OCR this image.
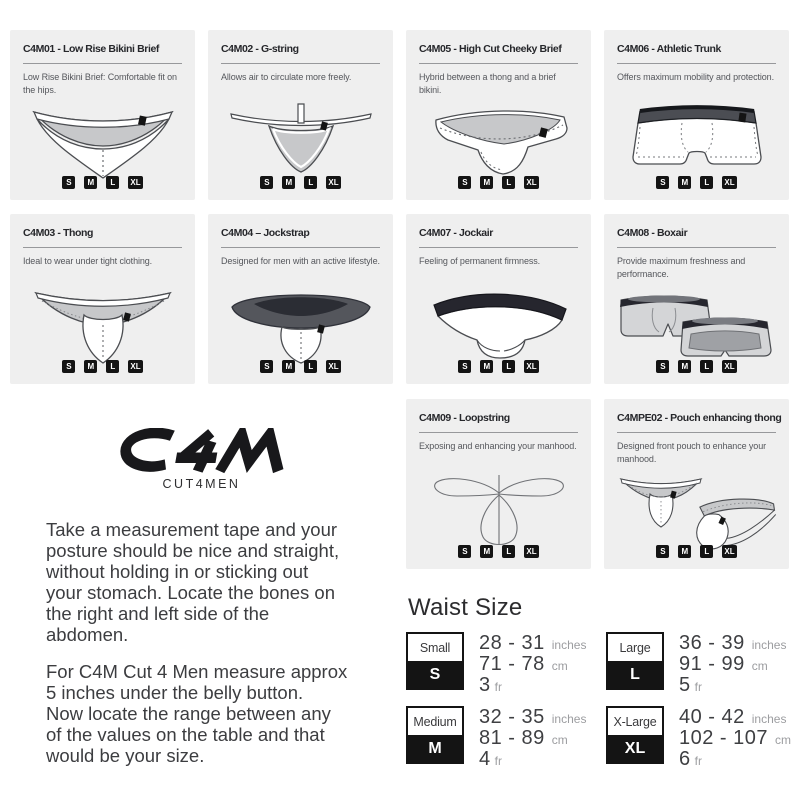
C4M01 - Low Rise Bikini Brief

Low Rise Bikini Brief: Comfortable fit on the hips.

S	M	L	XL
C4M02 - G-string

Allows air to circulate more freely.

S	M	L	XL
C4M05 - High Cut Cheeky Brief

Hybrid between a thong and a brief bikini.

S	M	L	XL
C4M06 - Athletic Trunk

Offers maximum mobility and protection.

S	M	L	XL
C4M03 - Thong

Ideal to wear under tight clothing.

S	M	L	XL
C4M04 – Jockstrap

Designed for men with an active lifestyle.

S	M	L	XL
C4M07 - Jockair

Feeling of permanent firmness.

S	M	L	XL
C4M08 - Boxair

Provide maximum freshness and performance.

S	M	L	XL
C4M09 - Loopstring

Exposing and enhancing your manhood.

S	M	L	XL
C4MPE02 - Pouch enhancing thong

Designed front pouch to enhance your manhood.

S	M	L	XL
CUT4MEN
Take a measurement tape and your
posture should be nice and straight,
without holding in or sticking out
your stomach. Locate the bones on
the right and left side of the
abdomen.
For C4M Cut 4 Men measure approx
5 inches under the belly button.
Now locate the range between any
of the values on the table and that
would be your size.
Waist Size
Small
S
28 - 31 inches
71 - 78 cm
3 fr
Large
L
36 - 39 inches
91 - 99 cm
5 fr
Medium
M
32 - 35 inches
81 - 89 cm
4 fr
X-Large
XL
40 - 42 inches
102 - 107 cm
6 fr
